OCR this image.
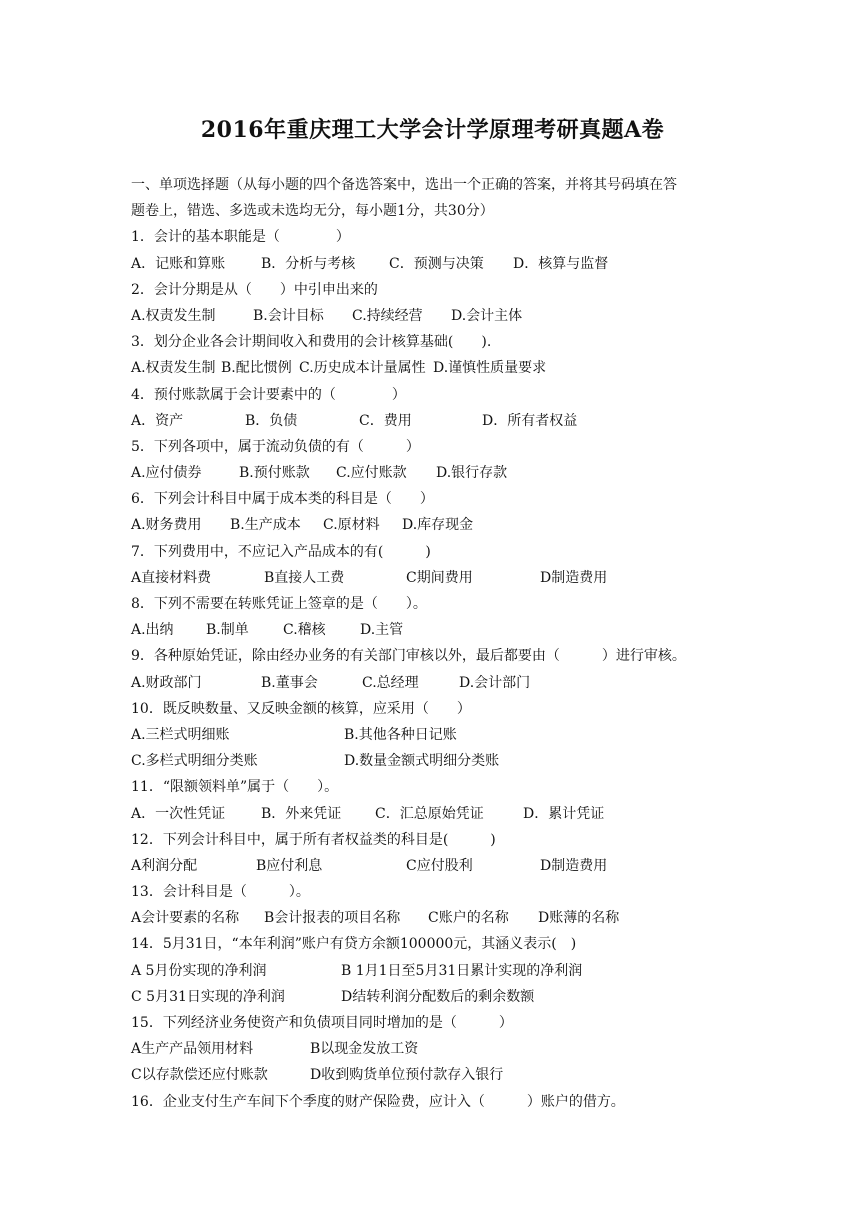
2016年重庆理工大学会计学原理考研真题A卷
一、单项选择题（从每小题的四个备选答案中，选出一个正确的答案，并将其号码填在答
题卷上，错选、多选或未选均无分，每小题1分，共30分）
1．会计的基本职能是（　　　　）
A．记账和算账	B．分析与考核 C．预测与决策 D．核算与监督
2．会计分期是从（　　）中引申出来的
A.权责发生制	B.会计目标 C.持续经营 D.会计主体
3．划分企业各会计期间收入和费用的会计核算基础(　　).
A.权责发生制 B.配比惯例 C.历史成本计量属性 D.谨慎性质量要求
4．预付账款属于会计要素中的（　　　　）
A．资产	B．负债	C．费用	D．所有者权益
5．下列各项中，属于流动负债的有（　　　）
A.应付债券	B.预付账款 C.应付账款 D.银行存款
6．下列会计科目中属于成本类的科目是（　　）
A.财务费用 B.生产成本 C.原材料 D.库存现金
7．下列费用中，不应记入产品成本的有(　　　)
A直接材料费	B直接人工费	C期间费用	D制造费用
8．下列不需要在转账凭证上签章的是（　　）。
A.出纳 B.制单 C.稽核 D.主管
9．各种原始凭证，除由经办业务的有关部门审核以外，最后都要由（　　　）进行审核。
A.财政部门	B.董事会	C.总经理	D.会计部门
10．既反映数量、又反映金额的核算，应采用（　　）
A.三栏式明细账	B.其他各种日记账
C.多栏式明细分类账	D.数量金额式明细分类账
11．“限额领料单”属于（　　）。
A．一次性凭证	B．外来凭证 C．汇总原始凭证	D．累计凭证
12．下列会计科目中，属于所有者权益类的科目是(　　　)
A利润分配	B应付利息	C应付股利	D制造费用
13．会计科目是（　　　）。
A会计要素的名称 B会计报表的项目名称 C账户的名称 D账薄的名称
14．5月31日，“本年利润”账户有贷方余额100000元，其涵义表示(　)
A 5月份实现的净利润	B 1月1日至5月31日累计实现的净利润
C 5月31日实现的净利润	D结转利润分配数后的剩余数额
15．下列经济业务使资产和负债项目同时增加的是（　　　）
A生产产品领用材料	B以现金发放工资
C以存款偿还应付账款	D收到购货单位预付款存入银行
16．企业支付生产车间下个季度的财产保险费，应计入（　　　）账户的借方。
